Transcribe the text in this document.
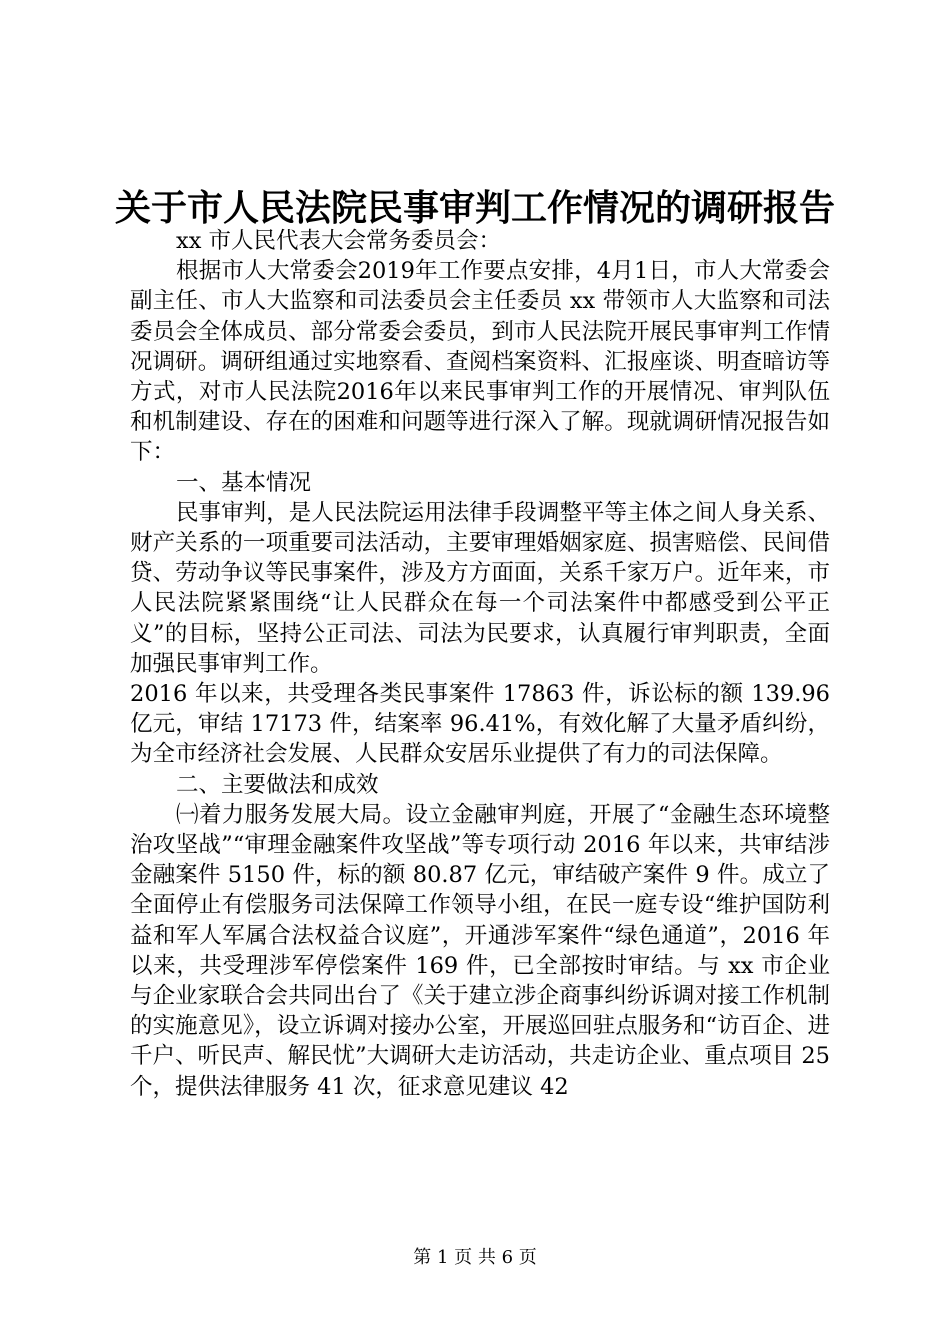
关于市人民法院民事审判工作情况的调研报告

xx 市人民代表大会常务委员会：

根据市人大常委会2019年工作要点安排，4月1日，市人大常委会副主任、市人大监察和司法委员会主任委员 xx 带领市人大监察和司法委员会全体成员、部分常委会委员，到市人民法院开展民事审判工作情况调研。调研组通过实地察看、查阅档案资料、汇报座谈、明查暗访等方式，对市人民法院2016年以来民事审判工作的开展情况、审判队伍和机制建设、存在的困难和问题等进行深入了解。现就调研情况报告如下：

一、基本情况

民事审判，是人民法院运用法律手段调整平等主体之间人身关系、财产关系的一项重要司法活动，主要审理婚姻家庭、损害赔偿、民间借贷、劳动争议等民事案件，涉及方方面面，关系千家万户。近年来，市人民法院紧紧围绕“让人民群众在每一个司法案件中都感受到公平正义”的目标，坚持公正司法、司法为民要求，认真履行审判职责，全面加强民事审判工作。

2016 年以来，共受理各类民事案件 17863 件，诉讼标的额 139.96 亿元，审结 17173 件，结案率 96.41%，有效化解了大量矛盾纠纷，为全市经济社会发展、人民群众安居乐业提供了有力的司法保障。

二、主要做法和成效

㈠着力服务发展大局。设立金融审判庭，开展了“金融生态环境整治攻坚战”“审理金融案件攻坚战”等专项行动 2016 年以来，共审结涉金融案件 5150 件，标的额 80.87 亿元，审结破产案件 9 件。成立了全面停止有偿服务司法保障工作领导小组，在民一庭专设“维护国防利益和军人军属合法权益合议庭”，开通涉军案件“绿色通道”，2016 年以来，共受理涉军停偿案件 169 件，已全部按时审结。与 xx 市企业与企业家联合会共同出台了《关于建立涉企商事纠纷诉调对接工作机制的实施意见》，设立诉调对接办公室，开展巡回驻点服务和“访百企、进千户、听民声、解民忧”大调研大走访活动，共走访企业、重点项目 25 个，提供法律服务 41 次，征求意见建议 42

第 1 页 共 6 页
